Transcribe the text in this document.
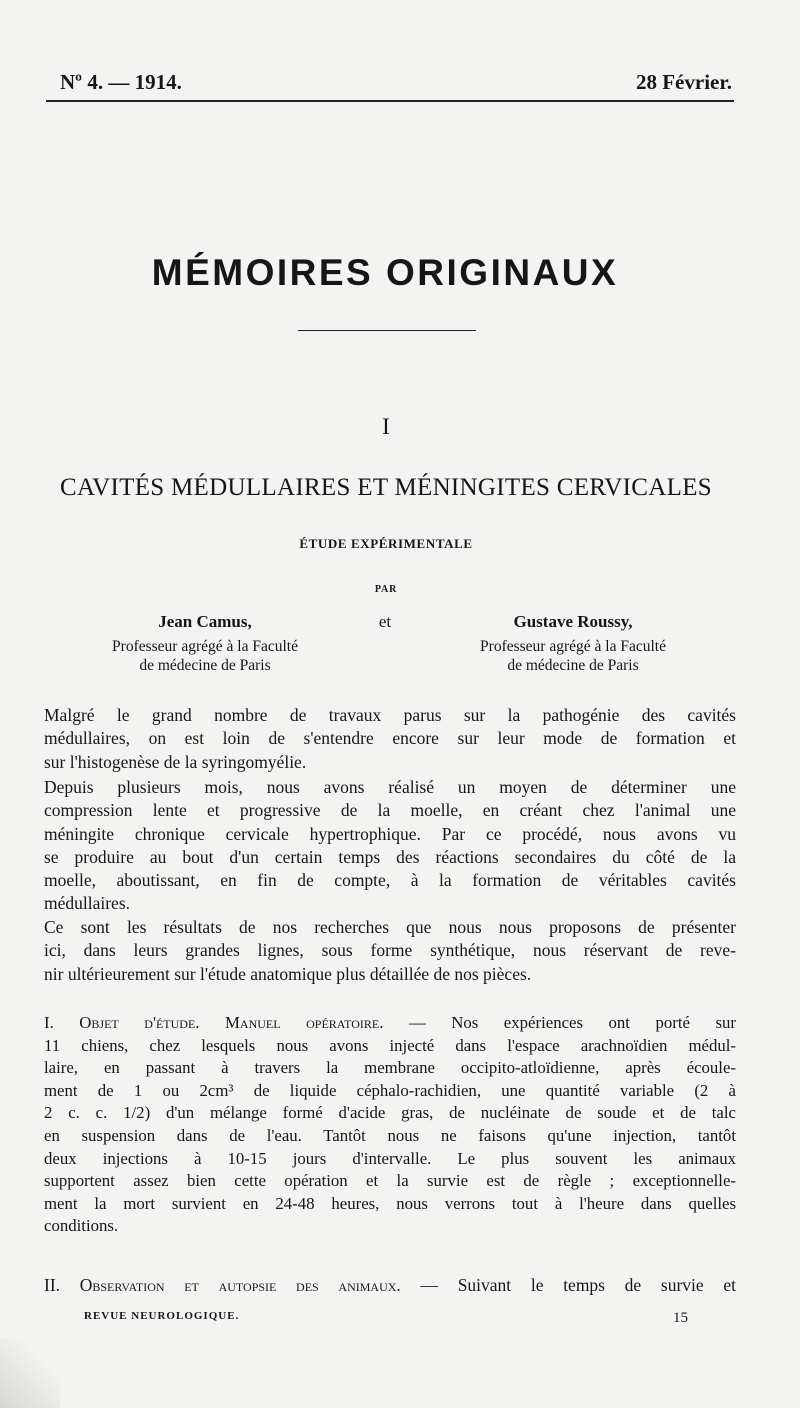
Nº 4. — 1914.	28 Février.
MÉMOIRES ORIGINAUX
I
CAVITÉS MÉDULLAIRES ET MÉNINGITES CERVICALES
ÉTUDE EXPÉRIMENTALE
PAR
Jean Camus,
Professeur agrégé à la Faculté
de médecine de Paris
et	Gustave Roussy,
Professeur agrégé à la Faculté
de médecine de Paris
Malgré le grand nombre de travaux parus sur la pathogénie des cavités
médullaires, on est loin de s'entendre encore sur leur mode de formation et
sur l'histogenèse de la syringomyélie.
Depuis plusieurs mois, nous avons réalisé un moyen de déterminer une
compression lente et progressive de la moelle, en créant chez l'animal une
méningite chronique cervicale hypertrophique. Par ce procédé, nous avons vu
se produire au bout d'un certain temps des réactions secondaires du côté de la
moelle, aboutissant, en fin de compte, à la formation de véritables cavités
médullaires.
Ce sont les résultats de nos recherches que nous nous proposons de présenter
ici, dans leurs grandes lignes, sous forme synthétique, nous réservant de reve-
nir ultérieurement sur l'étude anatomique plus détaillée de nos pièces.
I. Objet d'étude. Manuel opératoire. — Nos expériences ont porté sur
11 chiens, chez lesquels nous avons injecté dans l'espace arachnoïdien médul-
laire, en passant à travers la membrane occipito-atloïdienne, après écoule-
ment de 1 ou 2cm³ de liquide céphalo-rachidien, une quantité variable (2 à
2 c. c. 1/2) d'un mélange formé d'acide gras, de nucléinate de soude et de talc
en suspension dans de l'eau. Tantôt nous ne faisons qu'une injection, tantôt
deux injections à 10-15 jours d'intervalle. Le plus souvent les animaux
supportent assez bien cette opération et la survie est de règle ; exceptionnelle-
ment la mort survient en 24-48 heures, nous verrons tout à l'heure dans quelles
conditions.
II. Observation et autopsie des animaux. — Suivant le temps de survie et
REVUE NEUROLOGIQUE.	15
